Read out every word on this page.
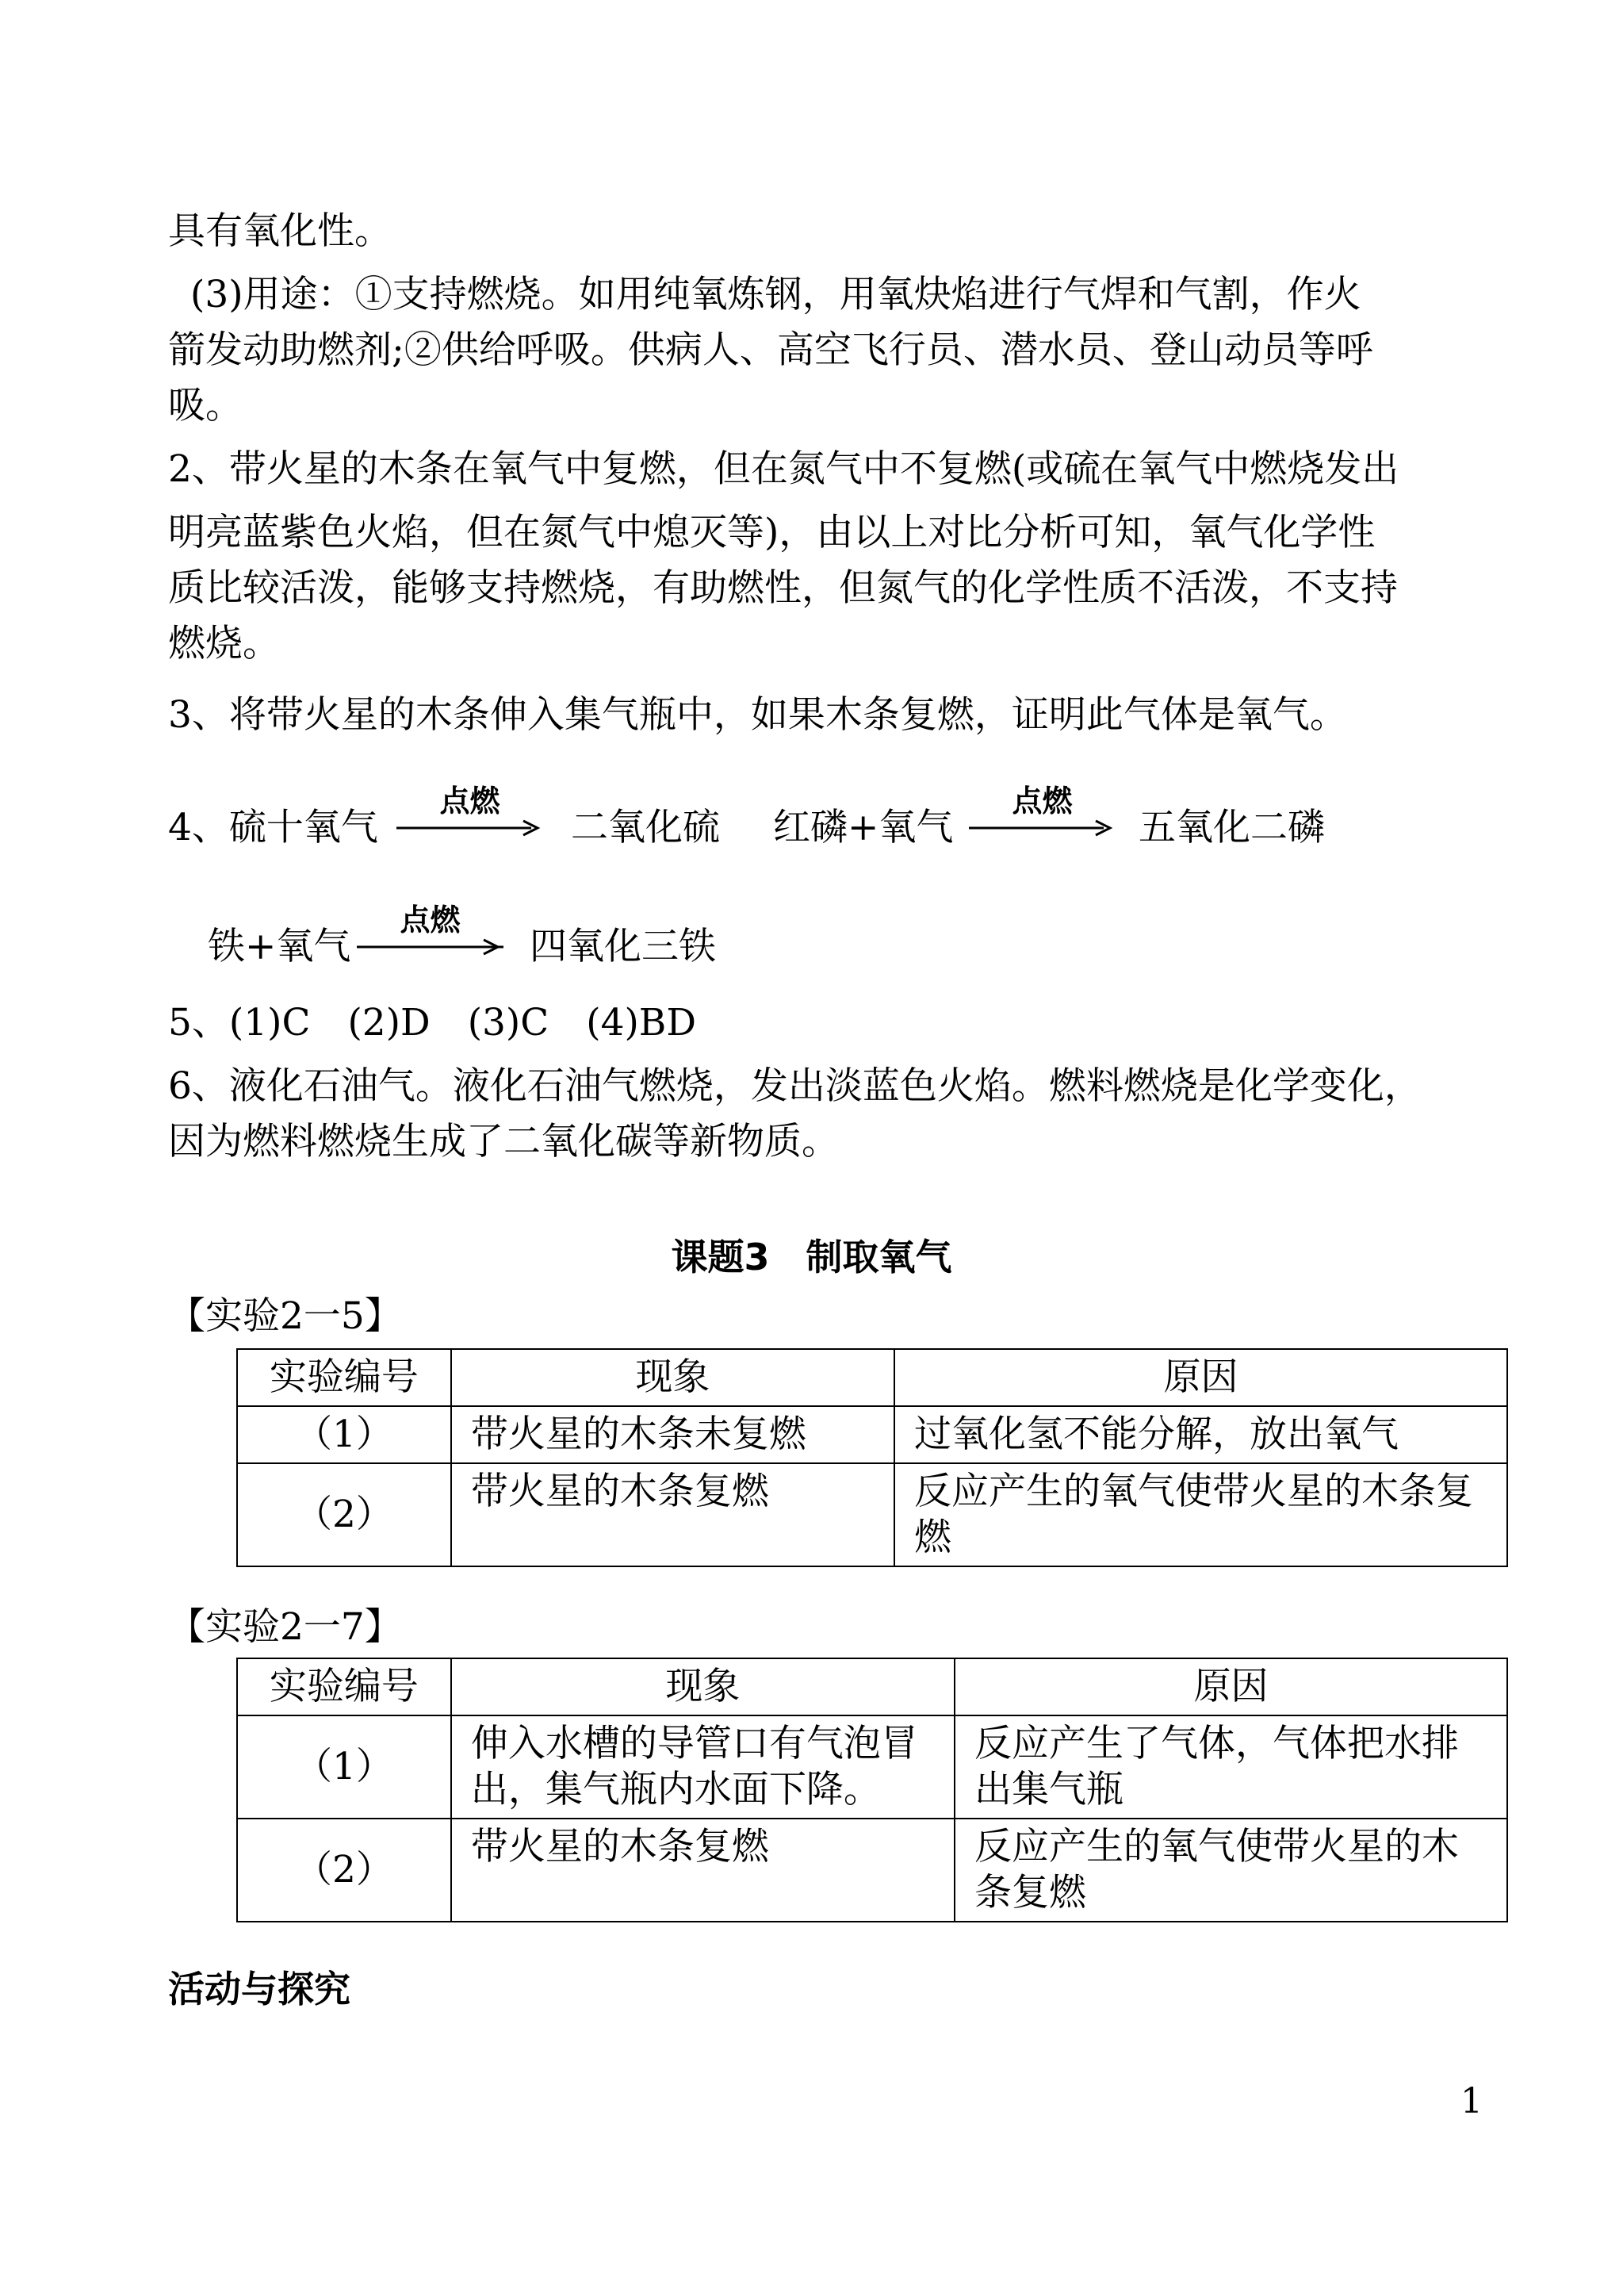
具有氧化性。
(3)用途：①支持燃烧。如用纯氧炼钢，用氧炔焰进行气焊和气割，作火
箭发动助燃剂;②供给呼吸。供病人、高空飞行员、潜水员、登山动员等呼
吸。
2、带火星的木条在氧气中复燃，但在氮气中不复燃(或硫在氧气中燃烧发出
明亮蓝紫色火焰，但在氮气中熄灭等)，由以上对比分析可知，氧气化学性
质比较活泼，能够支持燃烧，有助燃性，但氮气的化学性质不活泼，不支持
燃烧。
3、将带火星的木条伸入集气瓶中，如果木条复燃，证明此气体是氧气。
4、硫十氧气
点燃
二氧化硫 红磷+氧气
点燃
五氧化二磷
铁+氧气
点燃
四氧化三铁
5、(1)C　(2)D　(3)C　(4)BD
6、液化石油气。液化石油气燃烧，发出淡蓝色火焰。燃料燃烧是化学变化，
因为燃料燃烧生成了二氧化碳等新物质。
课题3　制取氧气
【实验2一5】
实验编号	现象	原因
（1）	带火星的木条未复燃	过氧化氢不能分解，放出氧气
（2）	带火星的木条复燃	反应产生的氧气使带火星的木条复燃
【实验2一7】
实验编号	现象	原因
（1）	伸入水槽的导管口有气泡冒出，集气瓶内水面下降。	反应产生了气体，气体把水排出集气瓶
（2）	带火星的木条复燃	反应产生的氧气使带火星的木条复燃
活动与探究
1
